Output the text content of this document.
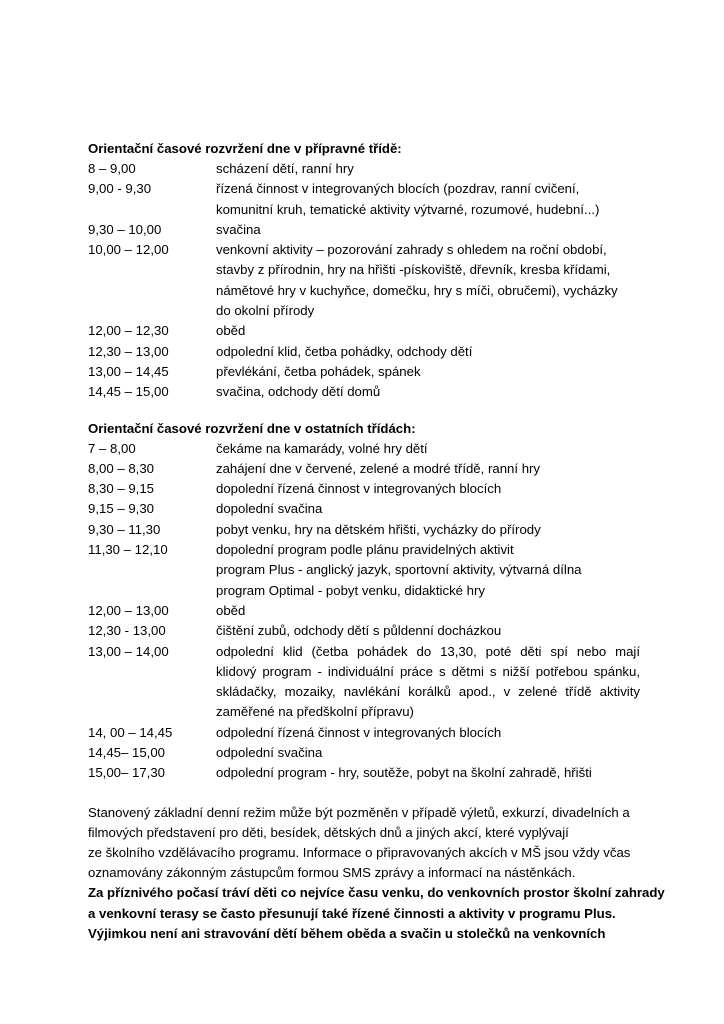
Orientační časové rozvržení dne v přípravné třídě:
8 – 9,00	scházení dětí, ranní hry
9,00 - 9,30	řízená činnost v integrovaných blocích (pozdrav, ranní cvičení,
komunitní kruh, tematické aktivity výtvarné, rozumové, hudební...)
9,30 – 10,00	svačina
10,00 – 12,00	venkovní aktivity – pozorování zahrady s ohledem na roční období,
stavby z přírodnin, hry na hřišti -pískoviště, dřevník, kresba křídami,
námětové hry v kuchyňce, domečku, hry s míči, obručemi), vycházky
do okolní přírody
12,00 – 12,30	oběd
12,30 – 13,00	odpolední klid, četba pohádky, odchody dětí
13,00 – 14,45	převlékání, četba pohádek, spánek
14,45 – 15,00	svačina, odchody dětí domů
Orientační časové rozvržení dne v ostatních třídách:
7 – 8,00	čekáme na kamarády, volné hry dětí
8,00 – 8,30	zahájení dne v červené, zelené a modré třídě, ranní hry
8,30 – 9,15	dopolední řízená činnost v integrovaných blocích
9,15 – 9,30	dopolední svačina
9,30 – 11,30	pobyt venku, hry na dětském hřišti, vycházky do přírody
11,30 – 12,10	dopolední program podle plánu pravidelných aktivit
program Plus - anglický jazyk, sportovní aktivity, výtvarná dílna
program Optimal - pobyt venku, didaktické hry
12,00 – 13,00	oběd
12,30 - 13,00	čištění zubů, odchody dětí s půldenní docházkou
13,00 – 14,00	odpolední klid (četba pohádek do 13,30, poté děti spí nebo mají
klidový program - individuální práce s dětmi s nižší potřebou spánku,
skládačky, mozaiky, navlékání korálků apod., v zelené třídě aktivity
zaměřené na předškolní přípravu)
14, 00 – 14,45	odpolední řízená činnost v integrovaných blocích
14,45– 15,00	odpolední svačina
15,00– 17,30	odpolední program - hry, soutěže, pobyt na školní zahradě, hřišti
Stanovený základní denní režim může být pozměněn v případě výletů, exkurzí, divadelních a
filmových představení pro děti, besídek, dětských dnů a jiných akcí, které vyplývají
ze školního vzdělávacího programu. Informace o připravovaných akcích v MŠ jsou vždy včas
oznamovány zákonným zástupcům formou SMS zprávy a informací na nástěnkách.
Za příznivého počasí tráví děti co nejvíce času venku, do venkovních prostor školní zahrady
a venkovní terasy se často přesunují také řízené činnosti a aktivity v programu Plus.
Výjimkou není ani stravování dětí během oběda a svačin u stolečků na venkovních
